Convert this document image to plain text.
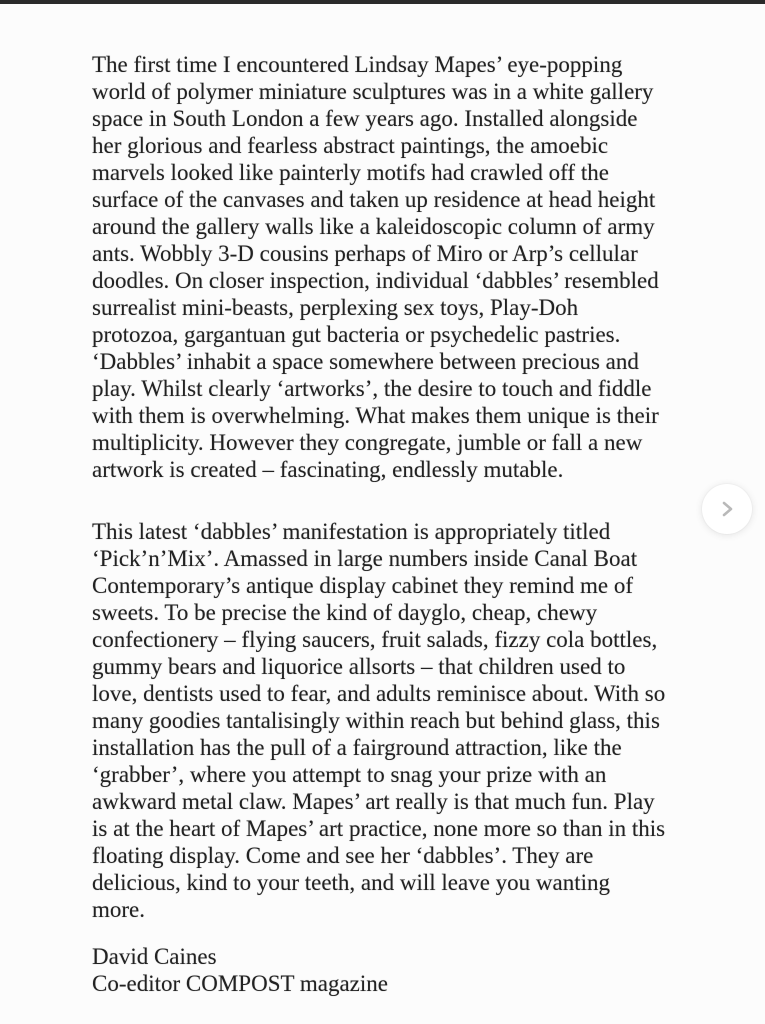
The first time I encountered Lindsay Mapes’ eye-popping
world of polymer miniature sculptures was in a white gallery
space in South London a few years ago. Installed alongside
her glorious and fearless abstract paintings, the amoebic
marvels looked like painterly motifs had crawled off the
surface of the canvases and taken up residence at head height
around the gallery walls like a kaleidoscopic column of army
ants. Wobbly 3-D cousins perhaps of Miro or Arp’s cellular
doodles. On closer inspection, individual ‘dabbles’ resembled
surrealist mini-beasts, perplexing sex toys, Play-Doh
protozoa, gargantuan gut bacteria or psychedelic pastries.
‘Dabbles’ inhabit a space somewhere between precious and
play. Whilst clearly ‘artworks’, the desire to touch and fiddle
with them is overwhelming. What makes them unique is their
multiplicity. However they congregate, jumble or fall a new
artwork is created – fascinating, endlessly mutable.
This latest ‘dabbles’ manifestation is appropriately titled
‘Pick’n’Mix’. Amassed in large numbers inside Canal Boat
Contemporary’s antique display cabinet they remind me of
sweets. To be precise the kind of dayglo, cheap, chewy
confectionery – flying saucers, fruit salads, fizzy cola bottles,
gummy bears and liquorice allsorts – that children used to
love, dentists used to fear, and adults reminisce about. With so
many goodies tantalisingly within reach but behind glass, this
installation has the pull of a fairground attraction, like the
‘grabber’, where you attempt to snag your prize with an
awkward metal claw. Mapes’ art really is that much fun. Play
is at the heart of Mapes’ art practice, none more so than in this
floating display. Come and see her ‘dabbles’. They are
delicious, kind to your teeth, and will leave you wanting
more.
David Caines
Co-editor COMPOST magazine
